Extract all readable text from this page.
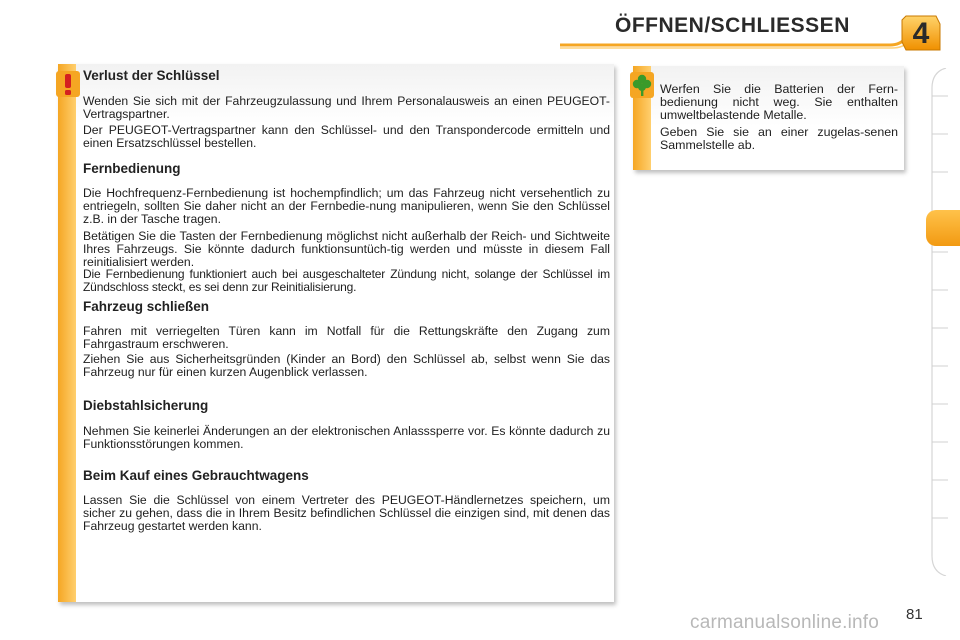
ÖFFNEN/SCHLIESSEN	4
Verlust der Schlüssel

Wenden Sie sich mit der Fahrzeugzulassung und Ihrem Personalausweis an einen PEUGEOT-Vertragspartner.

Der PEUGEOT-Vertragspartner kann den Schlüssel- und den Transpondercode ermitteln und einen Ersatzschlüssel bestellen.

Fernbedienung

Die Hochfrequenz-Fernbedienung ist hochempfindlich; um das Fahrzeug nicht versehentlich zu entriegeln, sollten Sie daher nicht an der Fernbedie-nung manipulieren, wenn Sie den Schlüssel z.B. in der Tasche tragen.

Betätigen Sie die Tasten der Fernbedienung möglichst nicht außerhalb der Reich- und Sichtweite Ihres Fahrzeugs. Sie könnte dadurch funktionsuntüch-tig werden und müsste in diesem Fall reinitialisiert werden.

Die Fernbedienung funktioniert auch bei ausgeschalteter Zündung nicht, solange der Schlüssel im Zündschloss steckt, es sei denn zur Reinitialisierung.

Fahrzeug schließen

Fahren mit verriegelten Türen kann im Notfall für die Rettungskräfte den Zugang zum Fahrgastraum erschweren.

Ziehen Sie aus Sicherheitsgründen (Kinder an Bord) den Schlüssel ab, selbst wenn Sie das Fahrzeug nur für einen kurzen Augenblick verlassen.

Diebstahlsicherung

Nehmen Sie keinerlei Änderungen an der elektronischen Anlasssperre vor. Es könnte dadurch zu Funktionsstörungen kommen.

Beim Kauf eines Gebrauchtwagens

Lassen Sie die Schlüssel von einem Vertreter des PEUGEOT-Händlernetzes speichern, um sicher zu gehen, dass die in Ihrem Besitz befindlichen Schlüssel die einzigen sind, mit denen das Fahrzeug gestartet werden kann.

Werfen Sie die Batterien der Fern-bedienung nicht weg. Sie enthalten umweltbelastende Metalle.

Geben Sie sie an einer zugelas-senen Sammelstelle ab.

81
carmanualsonline.info
